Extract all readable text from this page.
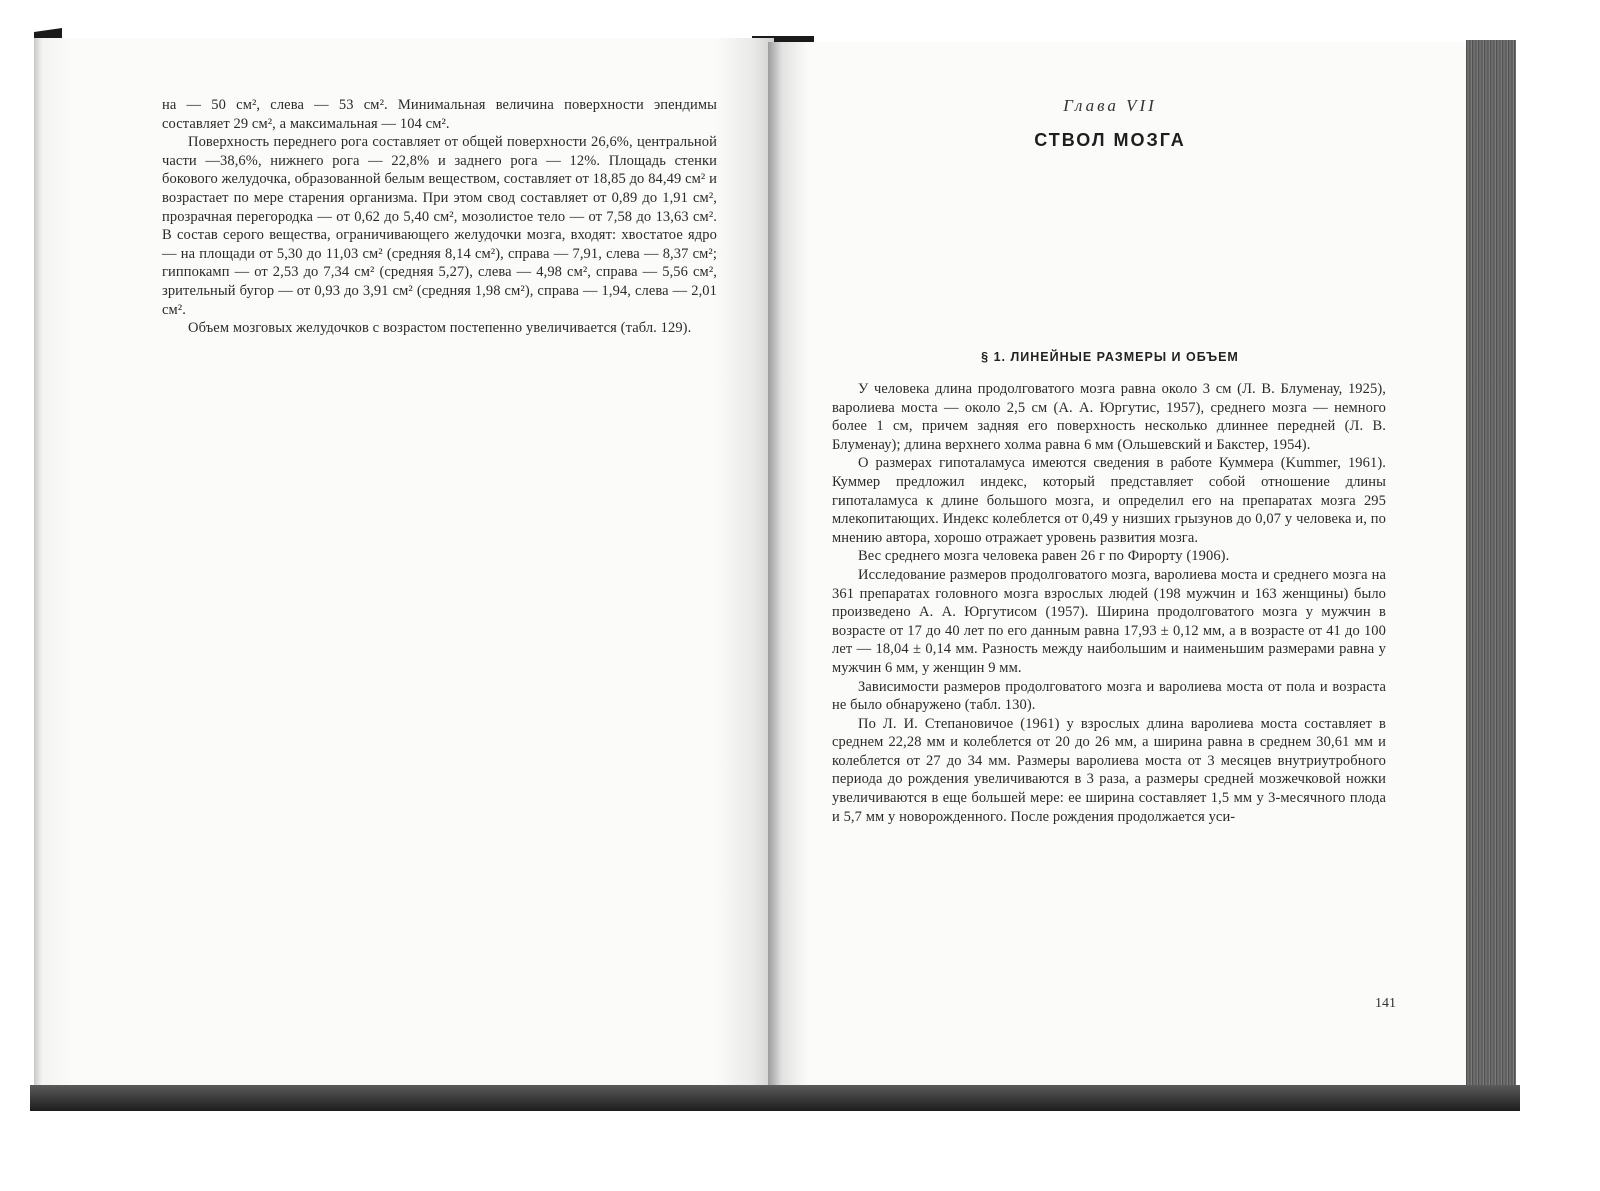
на — 50 см², слева — 53 см². Минимальная величина поверхности эпендимы составляет 29 см², а максимальная — 104 см².

Поверхность переднего рога составляет от общей поверхности 26,6%, центральной части —38,6%, нижнего рога — 22,8% и заднего рога — 12%. Площадь стенки бокового желудочка, образованной белым веществом, составляет от 18,85 до 84,49 см² и возрастает по мере старения организма. При этом свод составляет от 0,89 до 1,91 см², прозрачная перегородка — от 0,62 до 5,40 см², мозолистое тело — от 7,58 до 13,63 см². В состав серого вещества, ограничивающего желудочки мозга, входят: хвостатое ядро — на площади от 5,30 до 11,03 см² (средняя 8,14 см²), справа — 7,91, слева — 8,37 см²; гиппокамп — от 2,53 до 7,34 см² (средняя 5,27), слева — 4,98 см², справа — 5,56 см², зрительный бугор — от 0,93 до 3,91 см² (средняя 1,98 см²), справа — 1,94, слева — 2,01 см².

Объем мозговых желудочков с возрастом постепенно увеличивается (табл. 129).

Глава VII
СТВОЛ МОЗГА
§ 1. ЛИНЕЙНЫЕ РАЗМЕРЫ И ОБЪЕМ

У человека длина продолговатого мозга равна около 3 см (Л. В. Блуменау, 1925), варолиева моста — около 2,5 см (А. А. Юргутис, 1957), среднего мозга — немного более 1 см, причем задняя его поверхность несколько длиннее передней (Л. В. Блуменау); длина верхнего холма равна 6 мм (Ольшевский и Бакстер, 1954).

О размерах гипоталамуса имеются сведения в работе Куммера (Kummer, 1961). Куммер предложил индекс, который представляет собой отношение длины гипоталамуса к длине большого мозга, и определил его на препаратах мозга 295 млекопитающих. Индекс колеблется от 0,49 у низших грызунов до 0,07 у человека и, по мнению автора, хорошо отражает уровень развития мозга.

Вес среднего мозга человека равен 26 г по Фирорту (1906).

Исследование размеров продолговатого мозга, варолиева моста и среднего мозга на 361 препаратах головного мозга взрослых людей (198 мужчин и 163 женщины) было произведено А. А. Юргутисом (1957). Ширина продолговатого мозга у мужчин в возрасте от 17 до 40 лет по его данным равна 17,93 ± 0,12 мм, а в возрасте от 41 до 100 лет — 18,04 ± 0,14 мм. Разность между наибольшим и наименьшим размерами равна у мужчин 6 мм, у женщин 9 мм.

Зависимости размеров продолговатого мозга и варолиева моста от пола и возраста не было обнаружено (табл. 130).

По Л. И. Степановичое (1961) у взрослых длина варолиева моста составляет в среднем 22,28 мм и колеблется от 20 до 26 мм, а ширина равна в среднем 30,61 мм и колеблется от 27 до 34 мм. Размеры варолиева моста от 3 месяцев внутриутробного периода до рождения увеличиваются в 3 раза, а размеры средней мозжечковой ножки увеличиваются в еще большей мере: ее ширина составляет 1,5 мм у 3-месячного плода и 5,7 мм у новорожденного. После рождения продолжается уси-

141
